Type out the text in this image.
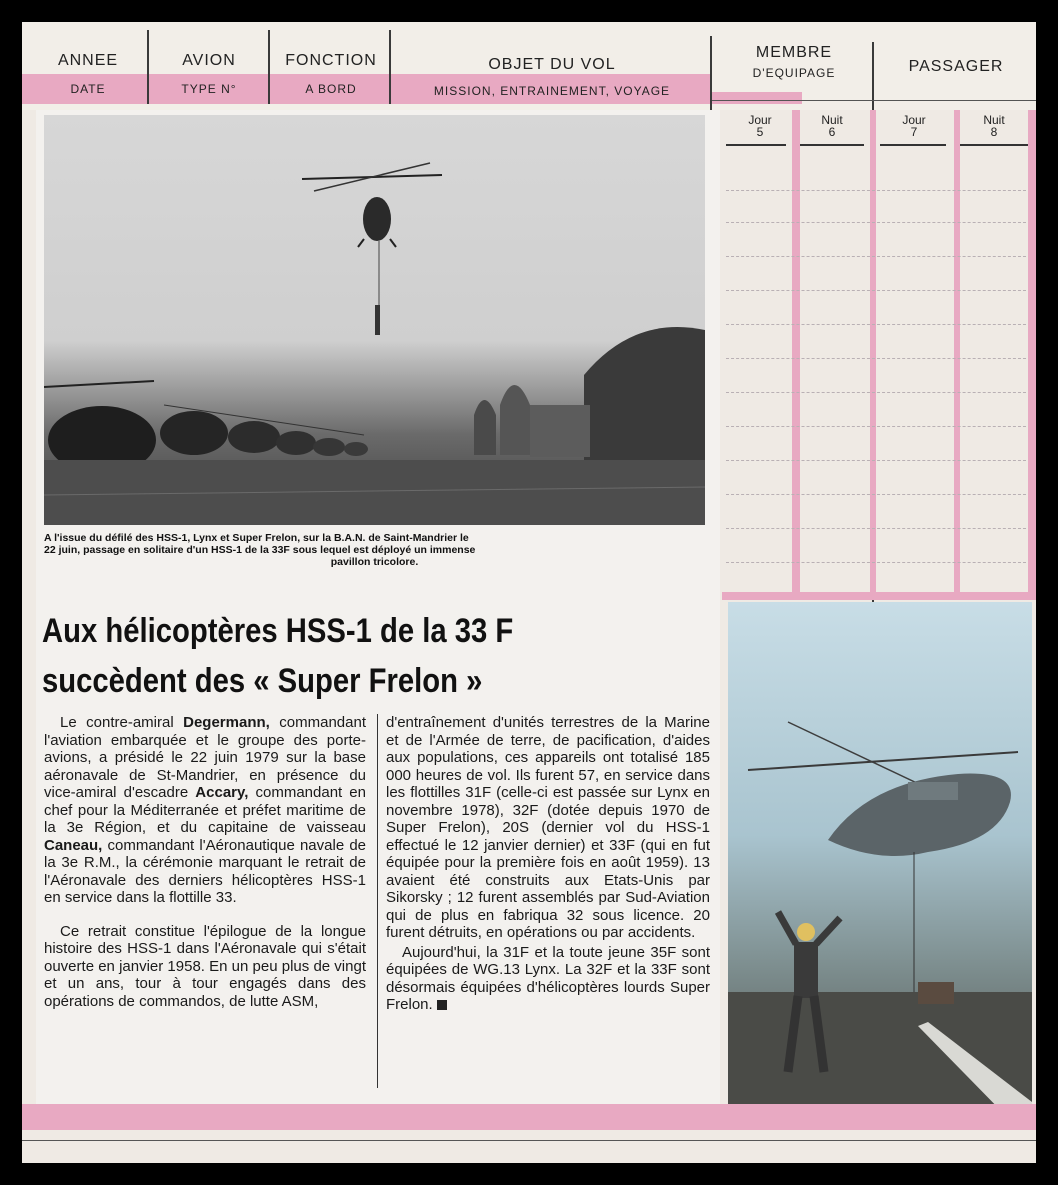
ANNEE
DATE
AVION
TYPE N°
FONCTION
A BORD
OBJET DU VOL
MISSION, ENTRAINEMENT, VOYAGE
MEMBRE
D'EQUIPAGE	PASSAGER
Jour
5
Nuit
6
Jour
7
Nuit
8
A l'issue du défilé des HSS-1, Lynx et Super Frelon, sur la B.A.N. de Saint-Mandrier le
22 juin, passage en solitaire d'un HSS-1 de la 33F sous lequel est déployé un immense
pavillon tricolore.
Aux hélicoptères HSS-1 de la 33 F
succèdent des « Super Frelon »

Le contre-amiral Degermann, commandant l'aviation embarquée et le groupe des porte-avions, a présidé le 22 juin 1979 sur la base aéronavale de St-Mandrier, en présence du vice-amiral d'escadre Accary, commandant en chef pour la Méditerranée et préfet maritime de la 3e Région, et du capitaine de vaisseau Caneau, commandant l'Aéronautique navale de la 3e R.M., la cérémonie marquant le retrait de l'Aéronavale des derniers hélicoptères HSS-1 en service dans la flottille 33.

Ce retrait constitue l'épilogue de la longue histoire des HSS-1 dans l'Aéronavale qui s'était ouverte en janvier 1958. En un peu plus de vingt et un ans, tour à tour engagés dans des opérations de commandos, de lutte ASM,

d'entraînement d'unités terrestres de la Marine et de l'Armée de terre, de pacification, d'aides aux populations, ces appareils ont totalisé 185 000 heures de vol. Ils furent 57, en service dans les flottilles 31F (celle-ci est passée sur Lynx en novembre 1978), 32F (dotée depuis 1970 de Super Frelon), 20S (dernier vol du HSS-1 effectué le 12 janvier dernier) et 33F (qui en fut équipée pour la première fois en août 1959). 13 avaient été construits aux Etats-Unis par Sikorsky ; 12 furent assemblés par Sud-Aviation qui de plus en fabriqua 32 sous licence. 20 furent détruits, en opérations ou par accidents.

Aujourd'hui, la 31F et la toute jeune 35F sont équipées de WG.13 Lynx. La 32F et la 33F sont désormais équipées d'hélicoptères lourds Super Frelon.
